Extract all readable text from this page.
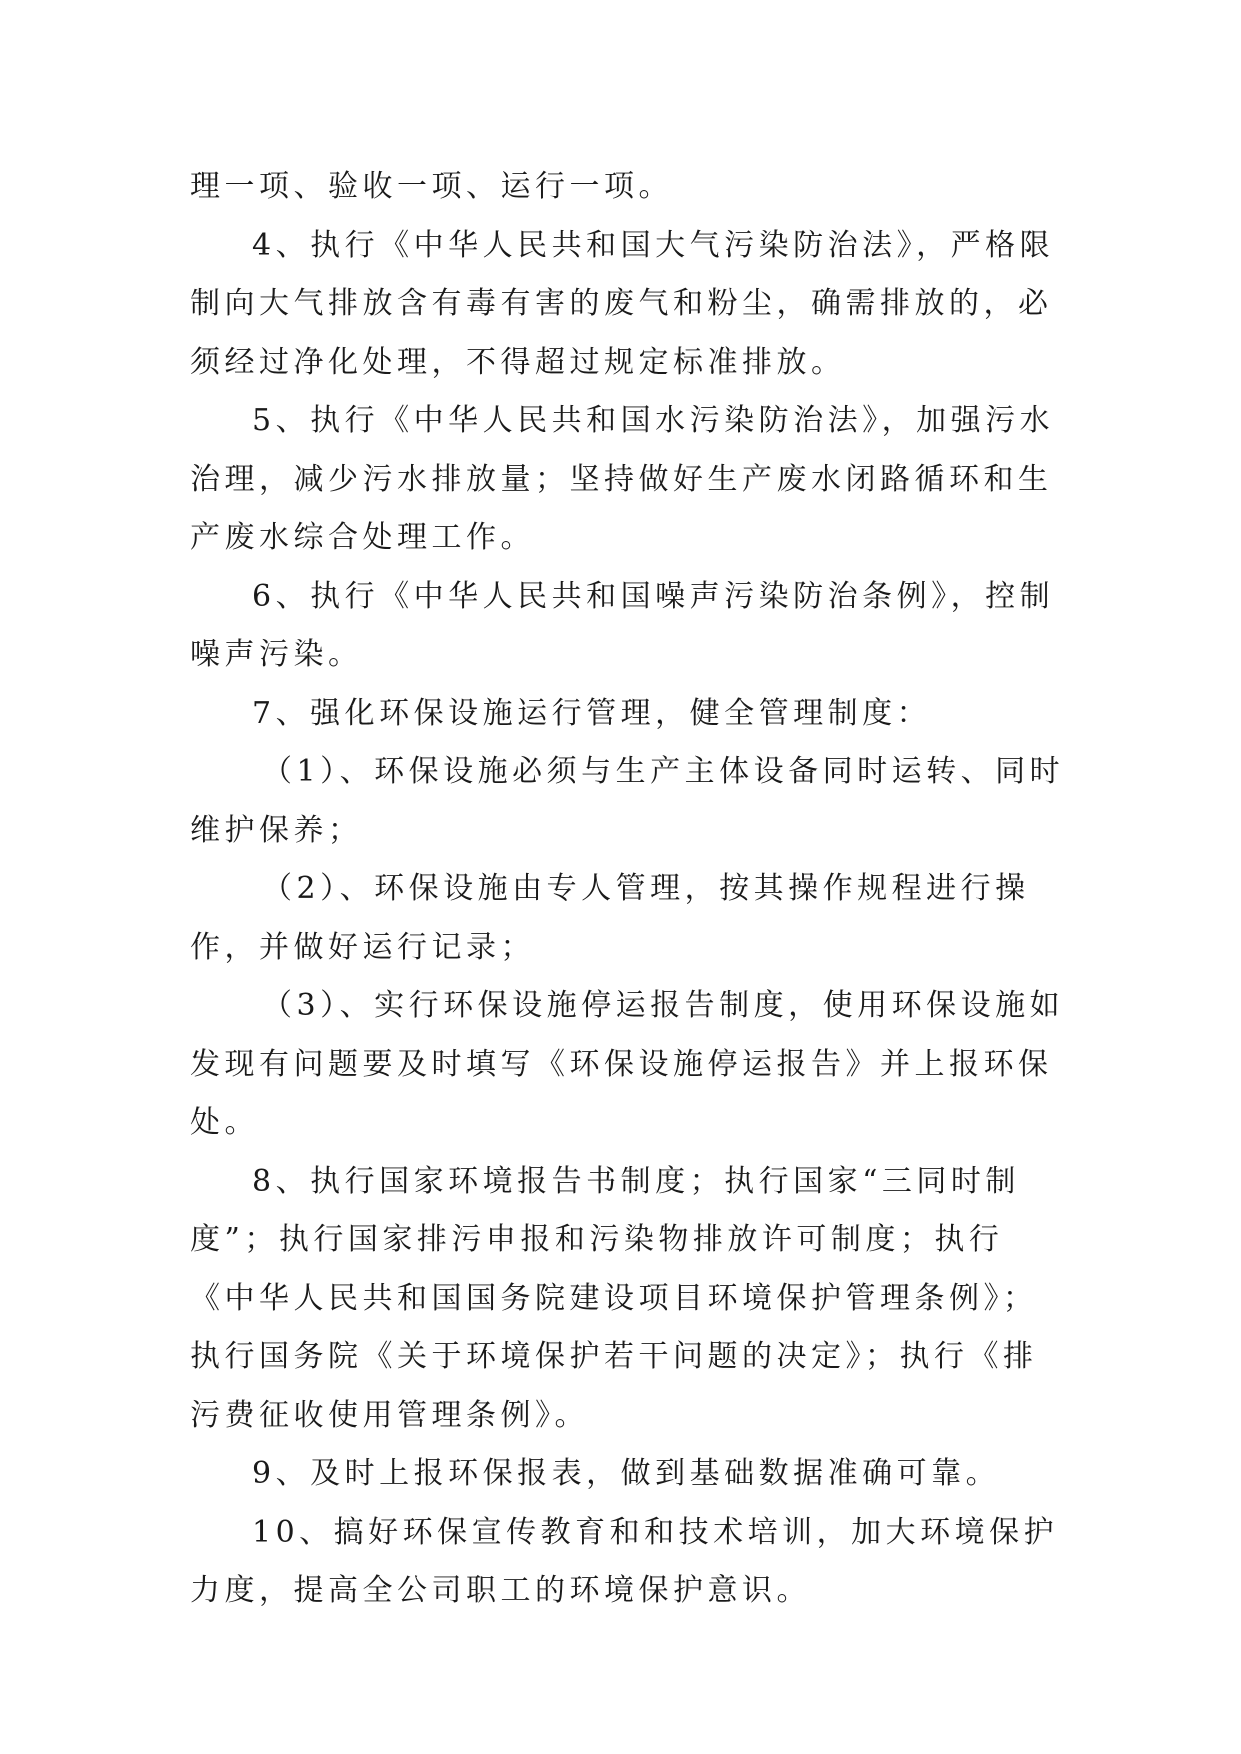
理一项、验收一项、运行一项。

4、执行《中华人民共和国大气污染防治法》，严格限制向大气排放含有毒有害的废气和粉尘，确需排放的，必须经过净化处理，不得超过规定标准排放。

5、执行《中华人民共和国水污染防治法》，加强污水治理，减少污水排放量；坚持做好生产废水闭路循环和生产废水综合处理工作。

6、执行《中华人民共和国噪声污染防治条例》，控制噪声污染。

7、强化环保设施运行管理，健全管理制度：

（1）、环保设施必须与生产主体设备同时运转、同时维护保养；

（2）、环保设施由专人管理，按其操作规程进行操作，并做好运行记录；

（3）、实行环保设施停运报告制度，使用环保设施如发现有问题要及时填写《环保设施停运报告》并上报环保处。

8、执行国家环境报告书制度；执行国家“三同时制度”；执行国家排污申报和污染物排放许可制度；执行《中华人民共和国国务院建设项目环境保护管理条例》；执行国务院《关于环境保护若干问题的决定》；执行《排污费征收使用管理条例》。

9、及时上报环保报表，做到基础数据准确可靠。

10、搞好环保宣传教育和和技术培训，加大环境保护力度，提高全公司职工的环境保护意识。
